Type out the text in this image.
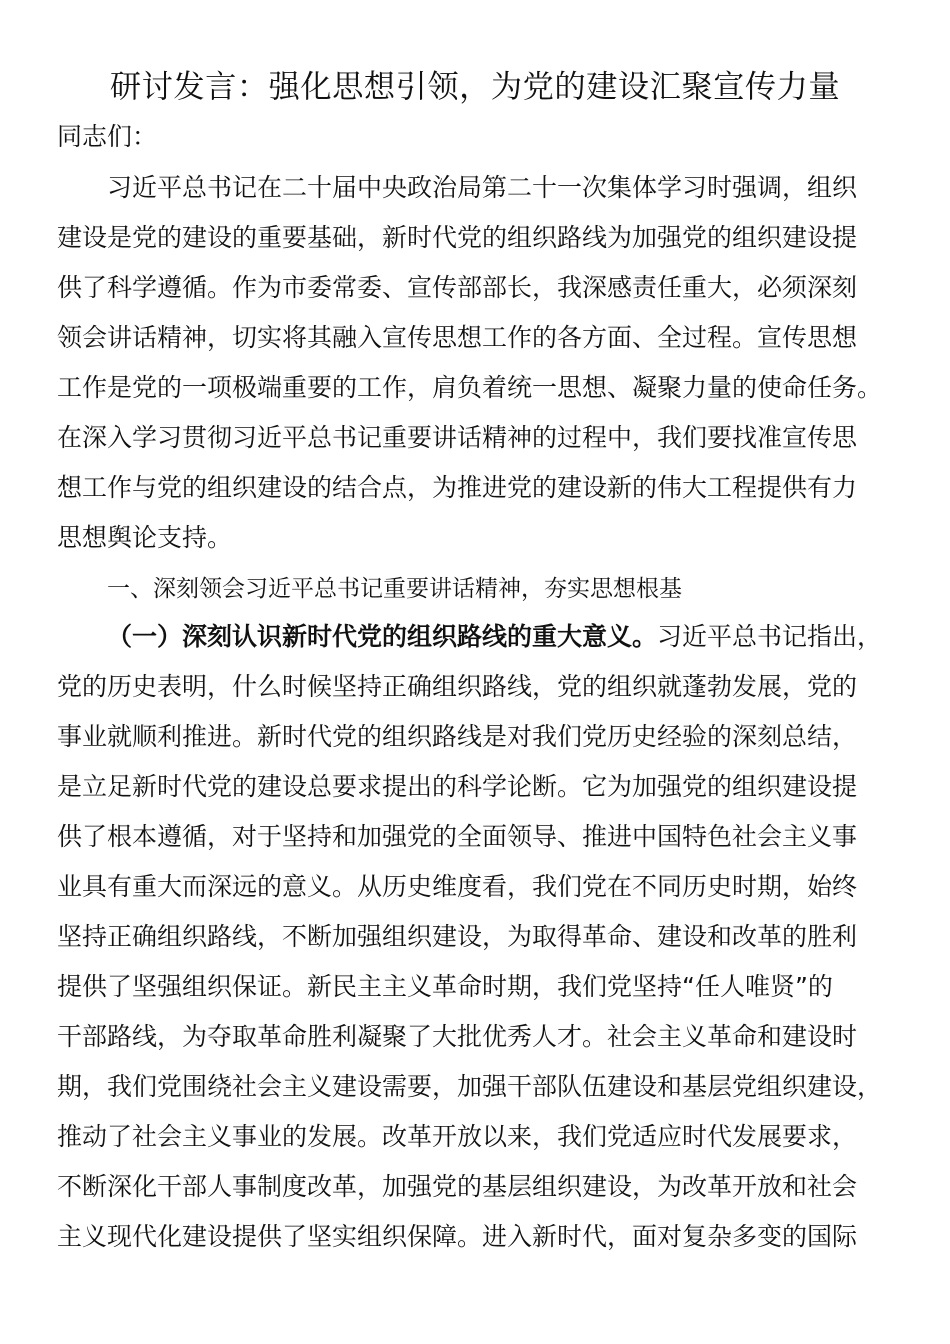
研讨发言：强化思想引领，为党的建设汇聚宣传力量
同志们：
习近平总书记在二十届中央政治局第二十一次集体学习时强调，组织
建设是党的建设的重要基础，新时代党的组织路线为加强党的组织建设提
供了科学遵循。作为市委常委、宣传部部长，我深感责任重大，必须深刻
领会讲话精神，切实将其融入宣传思想工作的各方面、全过程。宣传思想
工作是党的一项极端重要的工作，肩负着统一思想、凝聚力量的使命任务。
在深入学习贯彻习近平总书记重要讲话精神的过程中，我们要找准宣传思
想工作与党的组织建设的结合点，为推进党的建设新的伟大工程提供有力
思想舆论支持。
一、深刻领会习近平总书记重要讲话精神，夯实思想根基
（一）深刻认识新时代党的组织路线的重大意义。习近平总书记指出，
党的历史表明，什么时候坚持正确组织路线，党的组织就蓬勃发展，党的
事业就顺利推进。新时代党的组织路线是对我们党历史经验的深刻总结，
是立足新时代党的建设总要求提出的科学论断。它为加强党的组织建设提
供了根本遵循，对于坚持和加强党的全面领导、推进中国特色社会主义事
业具有重大而深远的意义。从历史维度看，我们党在不同历史时期，始终
坚持正确组织路线，不断加强组织建设，为取得革命、建设和改革的胜利
提供了坚强组织保证。新民主主义革命时期，我们党坚持“任人唯贤”的
干部路线，为夺取革命胜利凝聚了大批优秀人才。社会主义革命和建设时
期，我们党围绕社会主义建设需要，加强干部队伍建设和基层党组织建设，
推动了社会主义事业的发展。改革开放以来，我们党适应时代发展要求，
不断深化干部人事制度改革，加强党的基层组织建设，为改革开放和社会
主义现代化建设提供了坚实组织保障。进入新时代，面对复杂多变的国际
